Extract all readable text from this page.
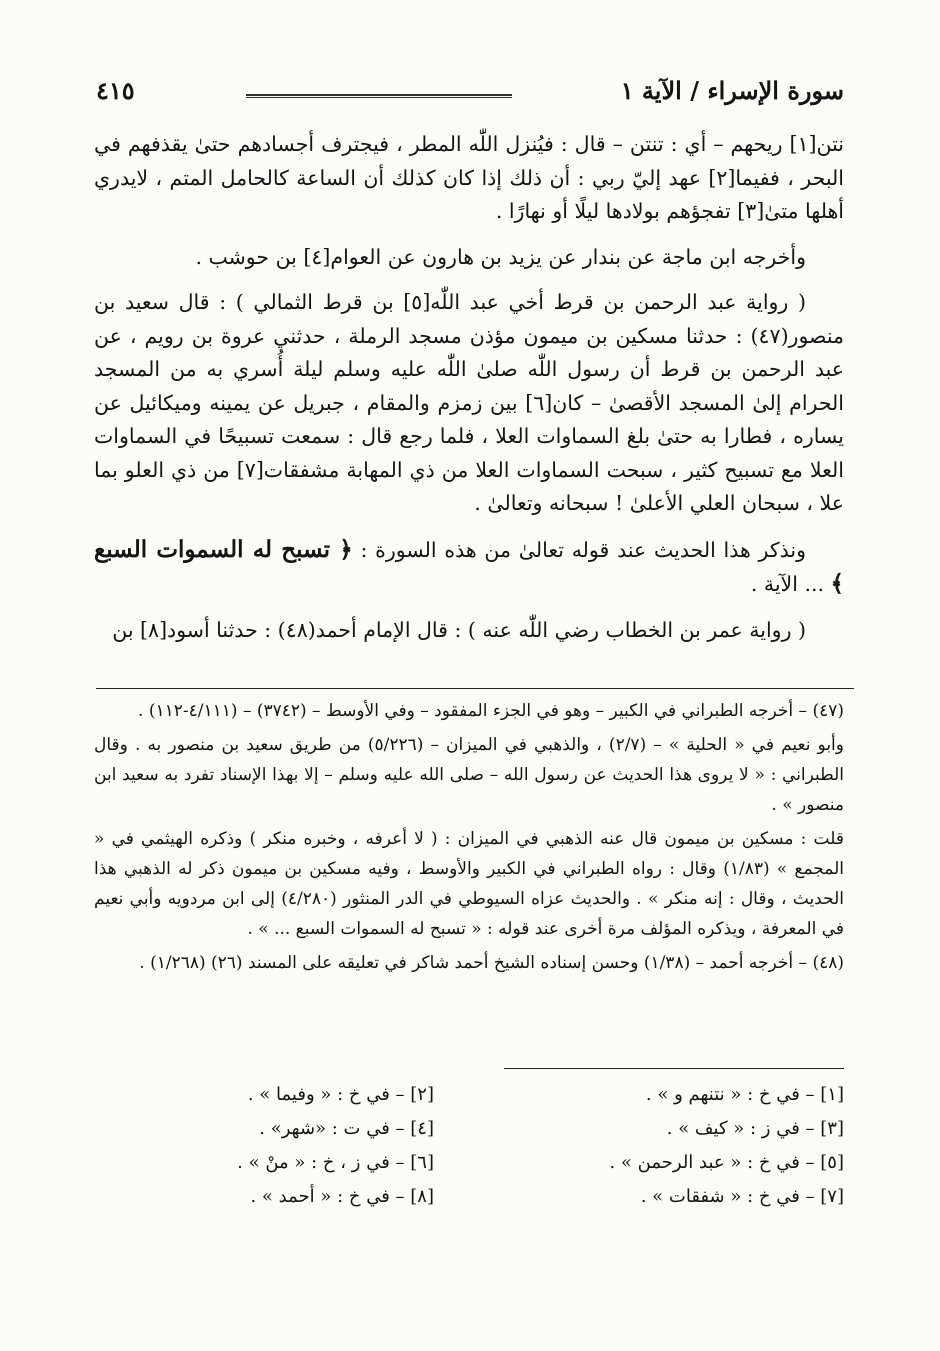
سورة الإسراء / الآية ١
٤١٥

نتن[١] ريحهم – أي : تنتن – قال : فيُنزل اللّٰه المطر ، فيجترف أجسادهم حتىٰ يقذفهم في البحر ، ففيما[٢] عهد إليّ ربي : أن ذلك إذا كان كذلك أن الساعة كالحامل المتم ، لايدري أهلها متىٰ[٣] تفجؤهم بولادها ليلًا أو نهارًا .

وأخرجه ابن ماجة عن بندار عن يزيد بن هارون عن العوام[٤] بن حوشب .

( رواية عبد الرحمن بن قرط أخي عبد اللّٰه[٥] بن قرط الثمالي ) : قال سعيد بن منصور(٤٧) : حدثنا مسكين بن ميمون مؤذن مسجد الرملة ، حدثني عروة بن رويم ، عن عبد الرحمن بن قرط أن رسول اللّٰه صلىٰ اللّٰه عليه وسلم ليلة أُسري به من المسجد الحرام إلىٰ المسجد الأقصىٰ – كان[٦] بين زمزم والمقام ، جبريل عن يمينه وميكائيل عن يساره ، فطارا به حتىٰ بلغ السماوات العلا ، فلما رجع قال : سمعت تسبيحًا في السماوات العلا مع تسبيح كثير ، سبحت السماوات العلا من ذي المهابة مشفقات[٧] من ذي العلو بما علا ، سبحان العلي الأعلىٰ ! سبحانه وتعالىٰ .

ونذكر هذا الحديث عند قوله تعالىٰ من هذه السورة : ﴿ تسبح له السموات السبع ﴾ ... الآية .

( رواية عمر بن الخطاب رضي اللّٰه عنه ) : قال الإمام أحمد(٤٨) : حدثنا أسود[٨] بن

(٤٧) – أخرجه الطبراني في الكبير – وهو في الجزء المفقود – وفي الأوسط – (٣٧٤٢) – (٤/١١١-١١٢) .

وأبو نعيم في « الحلية » – (٢/٧) ، والذهبي في الميزان – (٥/٢٢٦) من طريق سعيد بن منصور به . وقال الطبراني : « لا يروى هذا الحديث عن رسول الله – صلى الله عليه وسلم – إلا بهذا الإسناد تفرد به سعيد ابن منصور » .

قلت : مسكين بن ميمون قال عنه الذهبي في الميزان : ( لا أعرفه ، وخبره منكر ) وذكره الهيثمي في « المجمع » (١/٨٣) وقال : رواه الطبراني في الكبير والأوسط ، وفيه مسكين بن ميمون ذكر له الذهبي هذا الحديث ، وقال : إنه منكر » . والحديث عزاه السيوطي في الدر المنثور (٤/٢٨٠) إلى ابن مردويه وأبي نعيم في المعرفة ، ويذكره المؤلف مرة أخرى عند قوله : « تسبح له السموات السبع ... » .

(٤٨) – أخرجه أحمد – (١/٣٨) وحسن إسناده الشيخ أحمد شاكر في تعليقه على المسند (٢٦) (١/٢٦٨) .

[١] – في خ : « نتنهم و » .
[٢] – في خ : « وفيما » .
[٣] – في ز : « كيف » .
[٤] – في ت : «شهر» .
[٥] – في خ : « عبد الرحمن » .
[٦] – في ز ، خ : « منْ » .
[٧] – في خ : « شفقات » .
[٨] – في خ : « أحمد » .
